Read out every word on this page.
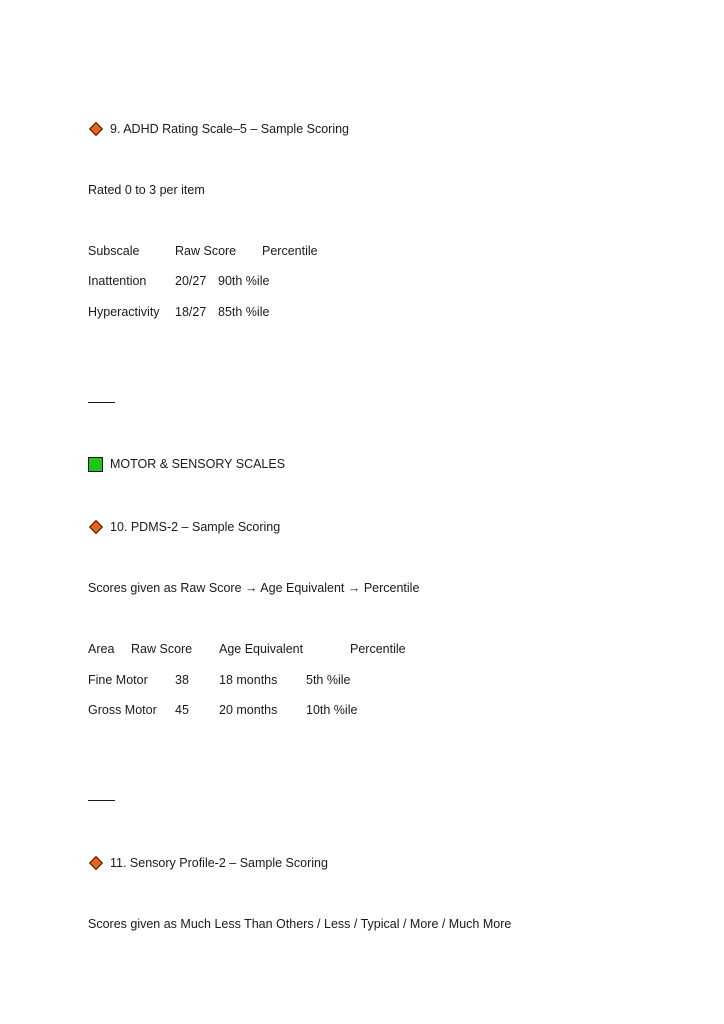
9. ADHD Rating Scale–5 – Sample Scoring
Rated 0 to 3 per item
Subscale	Raw Score Percentile
Inattention 20/27 90th %ile
Hyperactivity 18/27 85th %ile
MOTOR & SENSORY SCALES
10. PDMS-2 – Sample Scoring
Scores given as Raw Score → Age Equivalent → Percentile
Area Raw Score Age Equivalent	Percentile
Fine Motor 38 18 months 5th %ile
Gross Motor 45 20 months 10th %ile
11. Sensory Profile-2 – Sample Scoring
Scores given as Much Less Than Others / Less / Typical / More / Much More
